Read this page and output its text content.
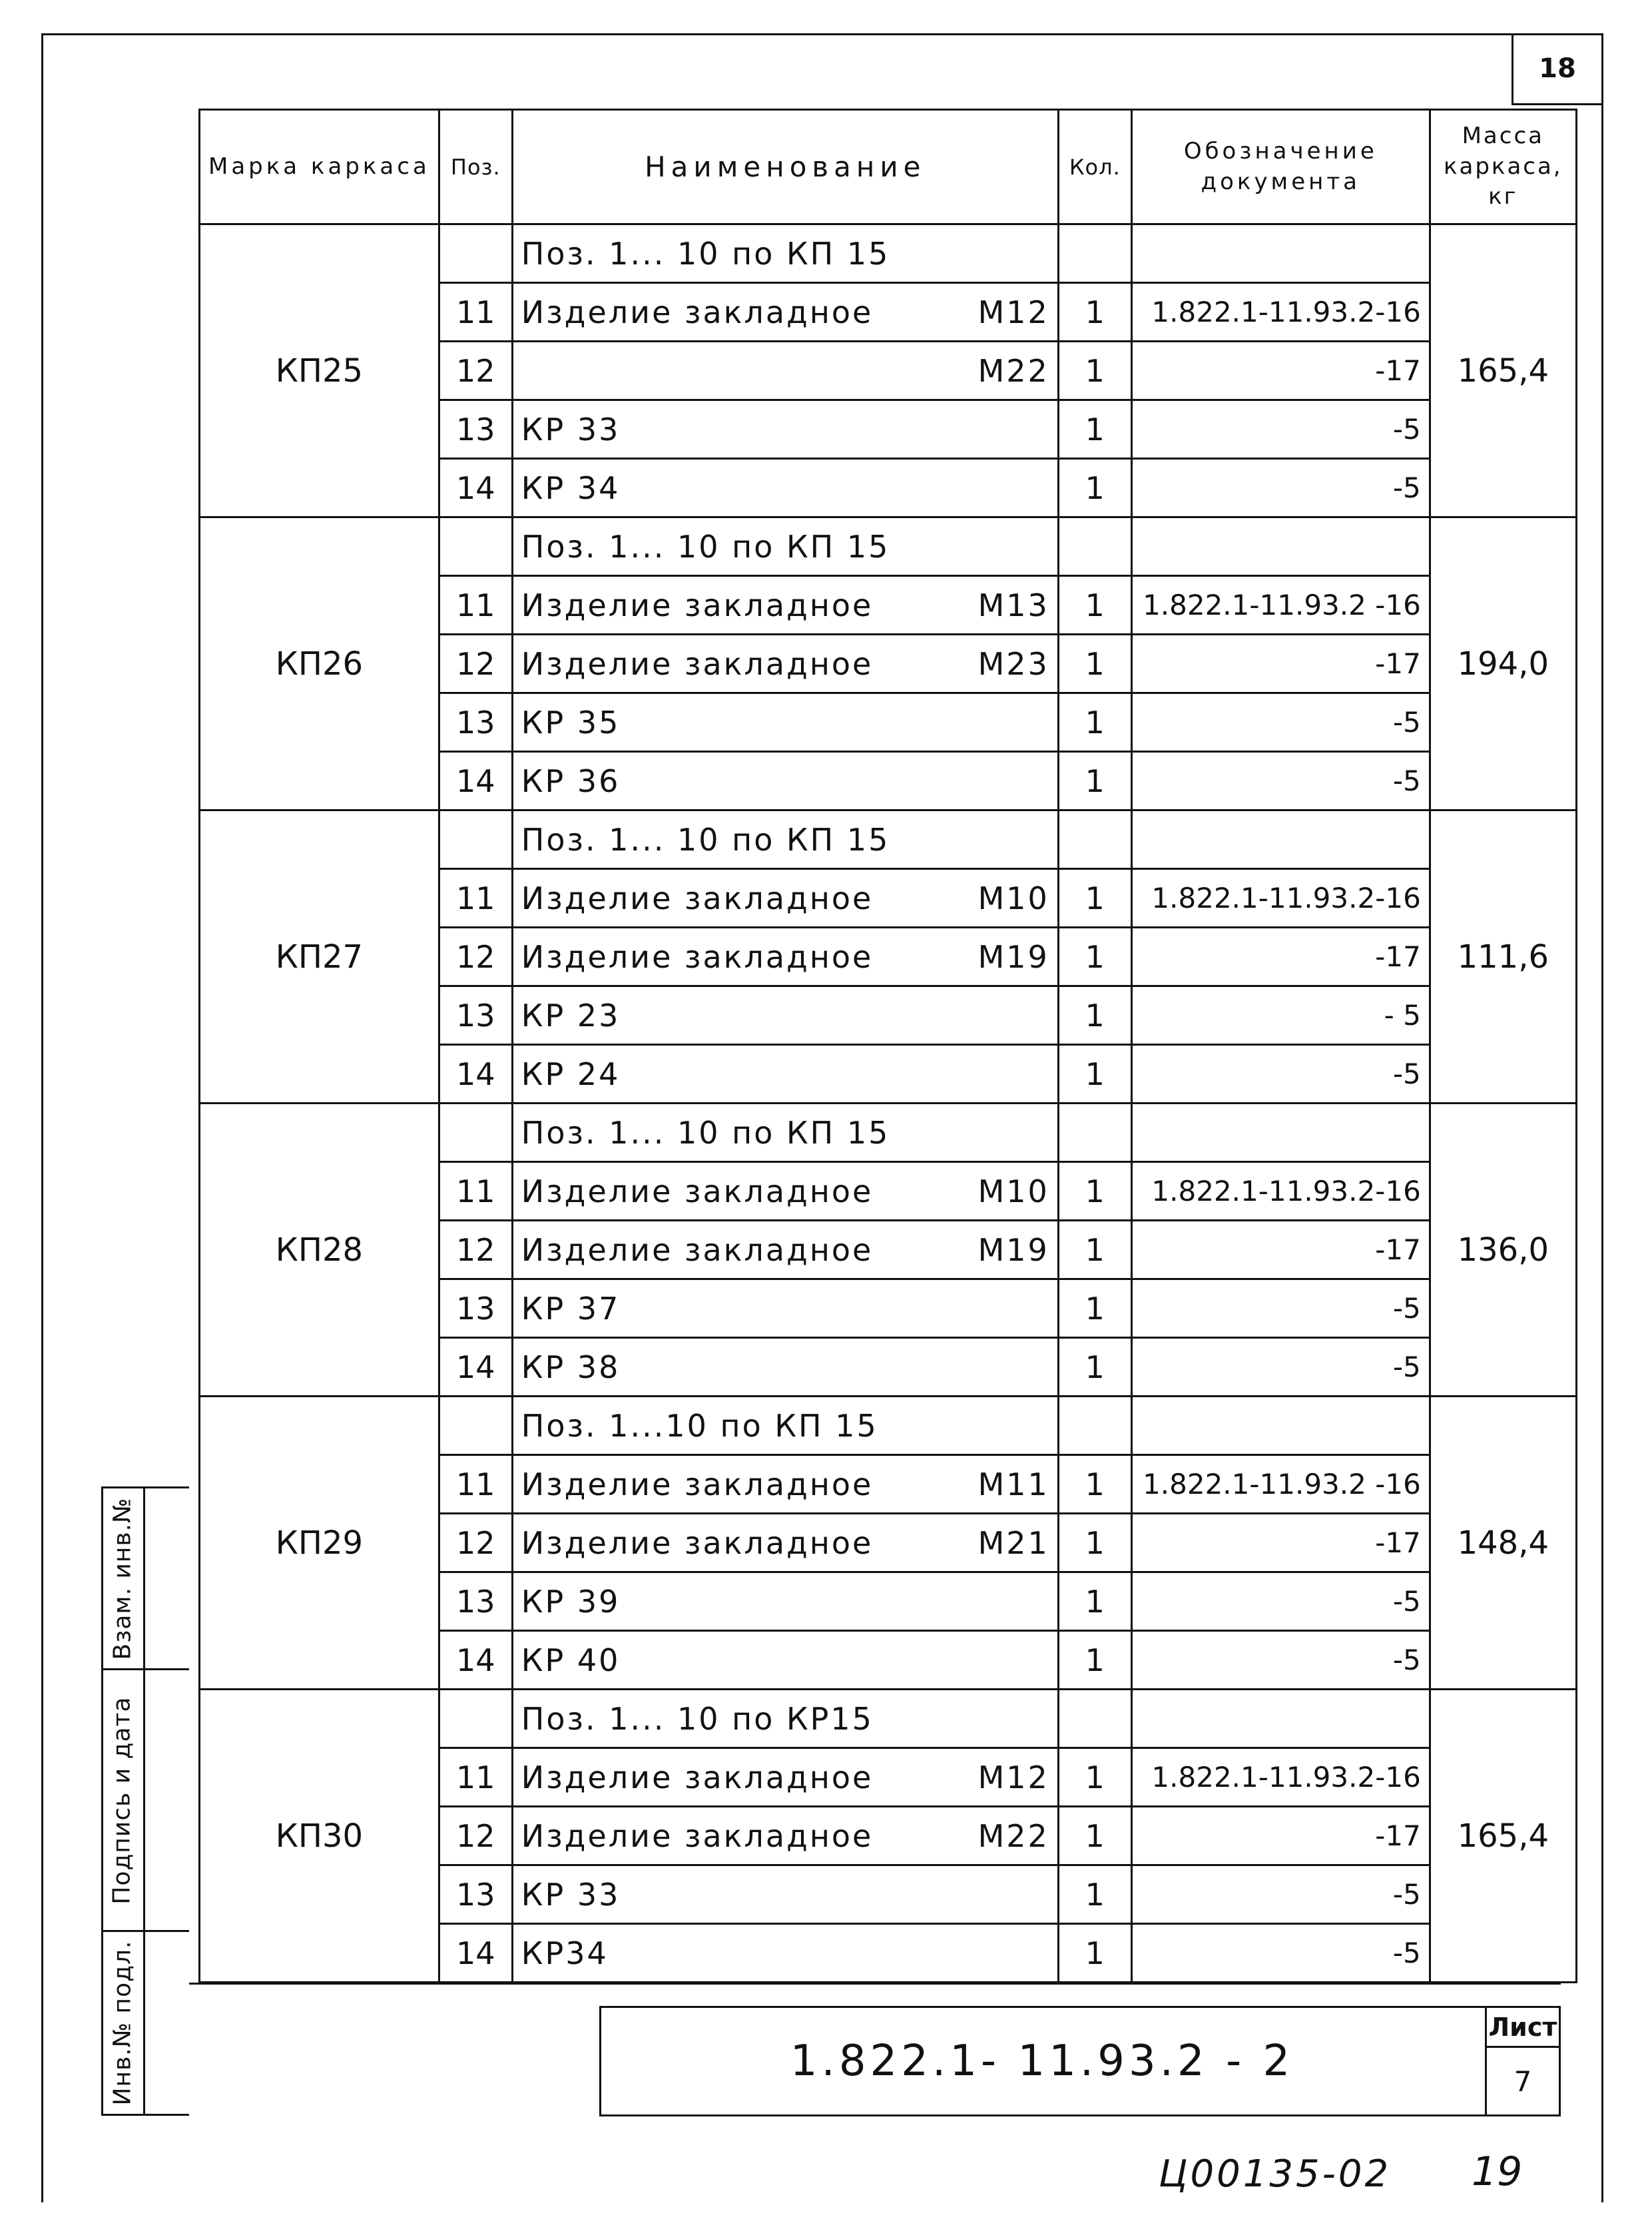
18
Марка каркаса	Поз.	Наименование	Кол.	Обозначение документа	Масса каркаса, кг
КП25		Поз. 1... 10 по КП 15			165,4
	11	Изделие закладное М12	1	1.822.1-11.93.2-16	
	12	М22	1	-17	
	13	КР 33	1	-5	
	14	КР 34	1	-5	
КП26		Поз. 1... 10 по КП 15			194,0
	11	Изделие закладное М13	1	1.822.1-11.93.2 -16	
	12	Изделие закладное М23	1	-17	
	13	КР 35	1	-5	
	14	КР 36	1	-5	
КП27		Поз. 1... 10 по КП 15			111,6
	11	Изделие закладное М10	1	1.822.1-11.93.2-16	
	12	Изделие закладное М19	1	-17	
	13	КР 23	1	- 5	
	14	КР 24	1	-5	
КП28		Поз. 1... 10 по КП 15			136,0
	11	Изделие закладное М10	1	1.822.1-11.93.2-16	
	12	Изделие закладное М19	1	-17	
	13	КР 37	1	-5	
	14	КР 38	1	-5	
КП29		Поз. 1...10 по КП 15			148,4
	11	Изделие закладное М11	1	1.822.1-11.93.2 -16	
	12	Изделие закладное М21	1	-17	
	13	КР 39	1	-5	
	14	КР 40	1	-5	
КП30		Поз. 1... 10 по КР15			165,4
	11	Изделие закладное М12	1	1.822.1-11.93.2-16	
	12	Изделие закладное М22	1	-17	
	13	КР 33	1	-5	
	14	КР34	1	-5	
Взам. инв.№
Подпись и дата
Инв.№ подл.	1.822.1- 11.93.2 - 2
Лист
7
Ц00135-02 19
